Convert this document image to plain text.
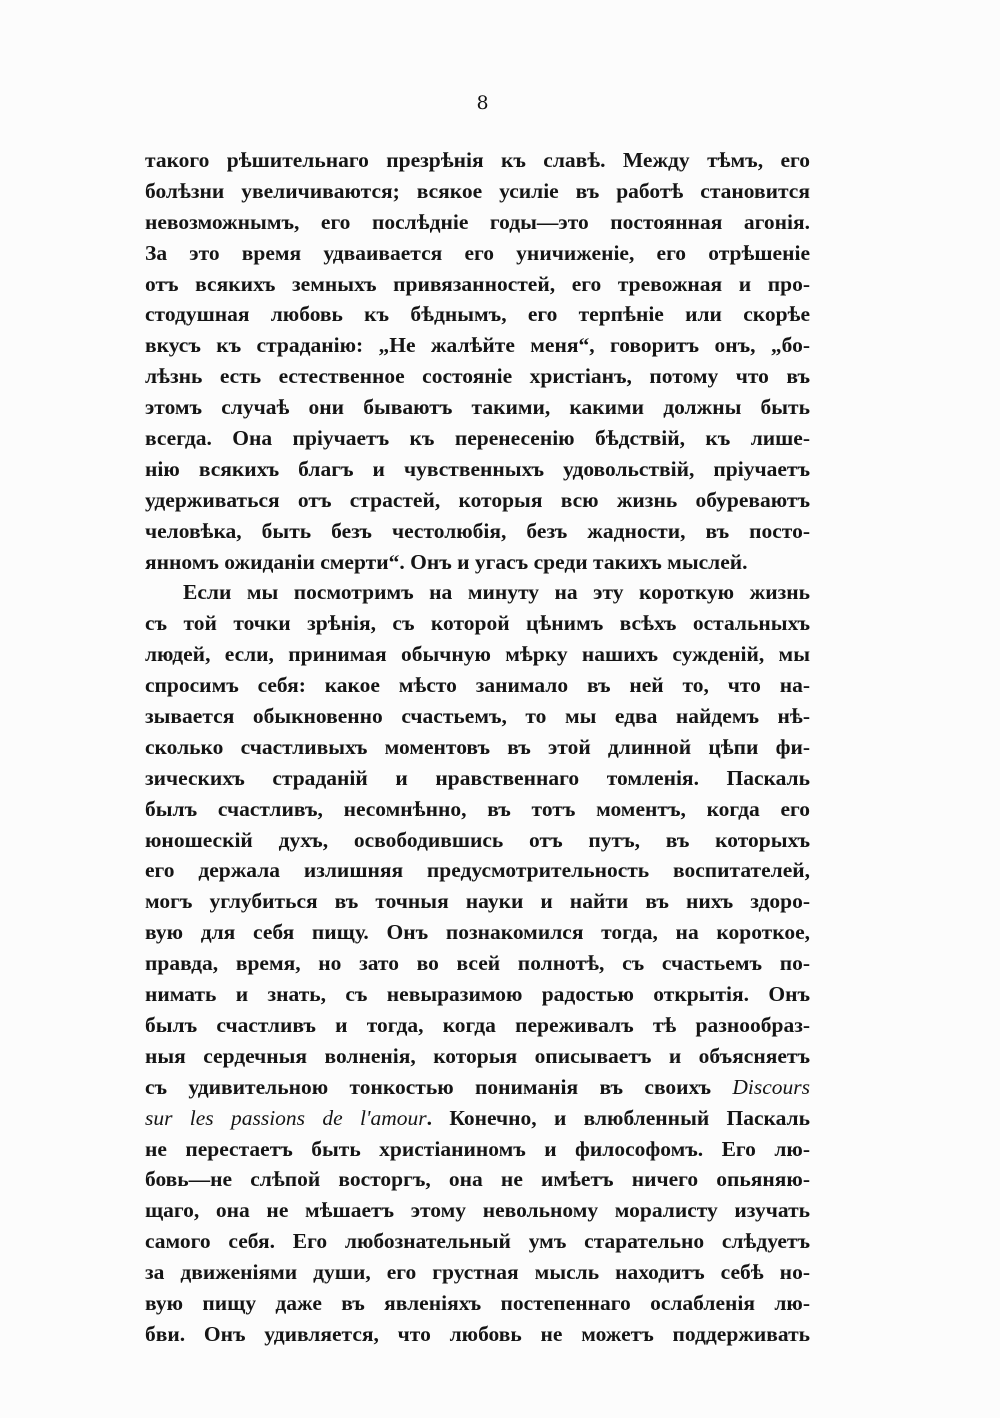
8
такого рѣшительнаго презрѣнія къ славѣ. Между тѣмъ, его
болѣзни увеличиваются; всякое усиліе въ работѣ становится
невозможнымъ, его послѣдніе годы—это постоянная агонія.
За это время удваивается его уничиженіе, его отрѣшеніе
отъ всякихъ земныхъ привязанностей, его тревожная и про-
стодушная любовь къ бѣднымъ, его терпѣніе или скорѣе
вкусъ къ страданію: „Не жалѣйте меня“, говоритъ онъ, „бо-
лѣзнь есть естественное состояніе христіанъ, потому что въ
этомъ случаѣ они бываютъ такими, какими должны быть
всегда. Она пріучаетъ къ перенесенію бѣдствій, къ лише-
нію всякихъ благъ и чувственныхъ удовольствій, пріучаетъ
удерживаться отъ страстей, которыя всю жизнь обуреваютъ
человѣка, быть безъ честолюбія, безъ жадности, въ посто-
янномъ ожиданіи смерти“. Онъ и угасъ среди такихъ мыслей.
Если мы посмотримъ на минуту на эту короткую жизнь
съ той точки зрѣнія, съ которой цѣнимъ всѣхъ остальныхъ
людей, если, принимая обычную мѣрку нашихъ сужденій, мы
спросимъ себя: какое мѣсто занимало въ ней то, что на-
зывается обыкновенно счастьемъ, то мы едва найдемъ нѣ-
сколько счастливыхъ моментовъ въ этой длинной цѣпи фи-
зическихъ страданій и нравственнаго томленія. Паскаль
былъ счастливъ, несомнѣнно, въ тотъ моментъ, когда его
юношескій духъ, освободившись отъ путъ, въ которыхъ
его держала излишняя предусмотрительность воспитателей,
могъ углубиться въ точныя науки и найти въ нихъ здоро-
вую для себя пищу. Онъ познакомился тогда, на короткое,
правда, время, но зато во всей полнотѣ, съ счастьемъ по-
нимать и знать, съ невыразимою радостью открытія. Онъ
былъ счастливъ и тогда, когда переживалъ тѣ разнообраз-
ныя сердечныя волненія, которыя описываетъ и объясняетъ
съ удивительною тонкостью пониманія въ своихъ Discours
sur les passions de l'amour. Конечно, и влюбленный Паскаль
не перестаетъ быть христіаниномъ и философомъ. Его лю-
бовь—не слѣпой восторгъ, она не имѣетъ ничего опьяняю-
щаго, она не мѣшаетъ этому невольному моралисту изучать
самого себя. Его любознательный умъ старательно слѣдуетъ
за движеніями души, его грустная мысль находитъ себѣ но-
вую пищу даже въ явленіяхъ постепеннаго ослабленія лю-
бви. Онъ удивляется, что любовь не можетъ поддерживать
